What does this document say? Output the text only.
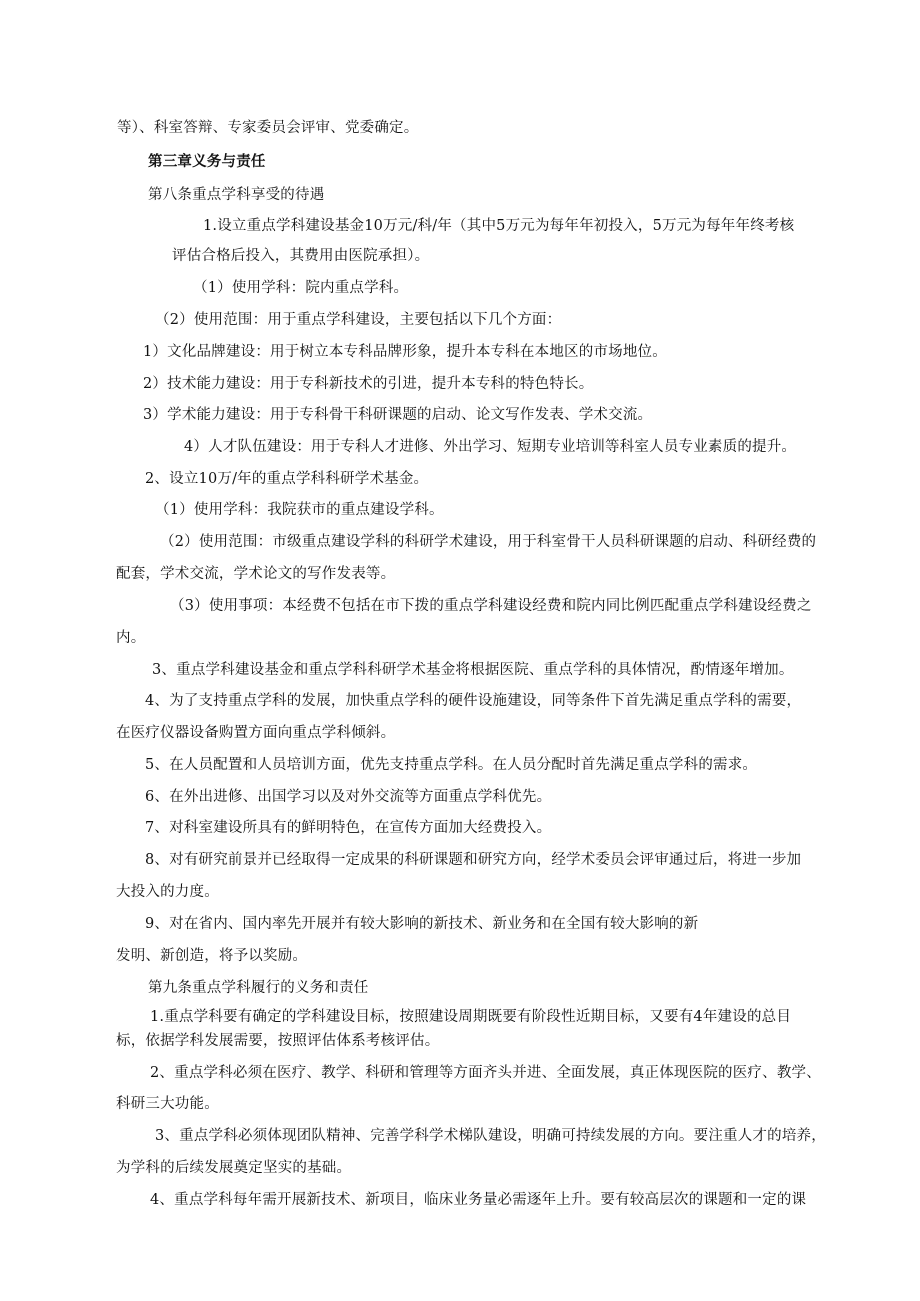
等）、科室答辩、专家委员会评审、党委确定。
第三章义务与责任
第八条重点学科享受的待遇
1.设立重点学科建设基金10万元/科/年（其中5万元为每年年初投入，5万元为每年年终考核
评估合格后投入，其费用由医院承担）。
（1）使用学科：院内重点学科。
（2）使用范围：用于重点学科建设，主要包括以下几个方面：
1）文化品牌建设：用于树立本专科品牌形象，提升本专科在本地区的市场地位。
2）技术能力建设：用于专科新技术的引进，提升本专科的特色特长。
3）学术能力建设：用于专科骨干科研课题的启动、论文写作发表、学术交流。
4）人才队伍建设：用于专科人才进修、外出学习、短期专业培训等科室人员专业素质的提升。
2、设立10万/年的重点学科科研学术基金。
（1）使用学科：我院获市的重点建设学科。
（2）使用范围：市级重点建设学科的科研学术建设，用于科室骨干人员科研课题的启动、科研经费的
配套，学术交流，学术论文的写作发表等。
（3）使用事项：本经费不包括在市下拨的重点学科建设经费和院内同比例匹配重点学科建设经费之
内。
3、重点学科建设基金和重点学科科研学术基金将根据医院、重点学科的具体情况，酌情逐年增加。
4、为了支持重点学科的发展，加快重点学科的硬件设施建设，同等条件下首先满足重点学科的需要，
在医疗仪器设备购置方面向重点学科倾斜。
5、在人员配置和人员培训方面，优先支持重点学科。在人员分配时首先满足重点学科的需求。
6、在外出进修、出国学习以及对外交流等方面重点学科优先。
7、对科室建设所具有的鲜明特色，在宣传方面加大经费投入。
8、对有研究前景并已经取得一定成果的科研课题和研究方向，经学术委员会评审通过后，将进一步加
大投入的力度。
9、对在省内、国内率先开展并有较大影响的新技术、新业务和在全国有较大影响的新
发明、新创造，将予以奖励。
第九条重点学科履行的义务和责任
1.重点学科要有确定的学科建设目标，按照建设周期既要有阶段性近期目标，又要有4年建设的总目
标，依据学科发展需要，按照评估体系考核评估。
2、重点学科必须在医疗、教学、科研和管理等方面齐头并进、全面发展，真正体现医院的医疗、教学、
科研三大功能。
3、重点学科必须体现团队精神、完善学科学术梯队建设，明确可持续发展的方向。要注重人才的培养，
为学科的后续发展奠定坚实的基础。
4、重点学科每年需开展新技术、新项目，临床业务量必需逐年上升。要有较高层次的课题和一定的课
